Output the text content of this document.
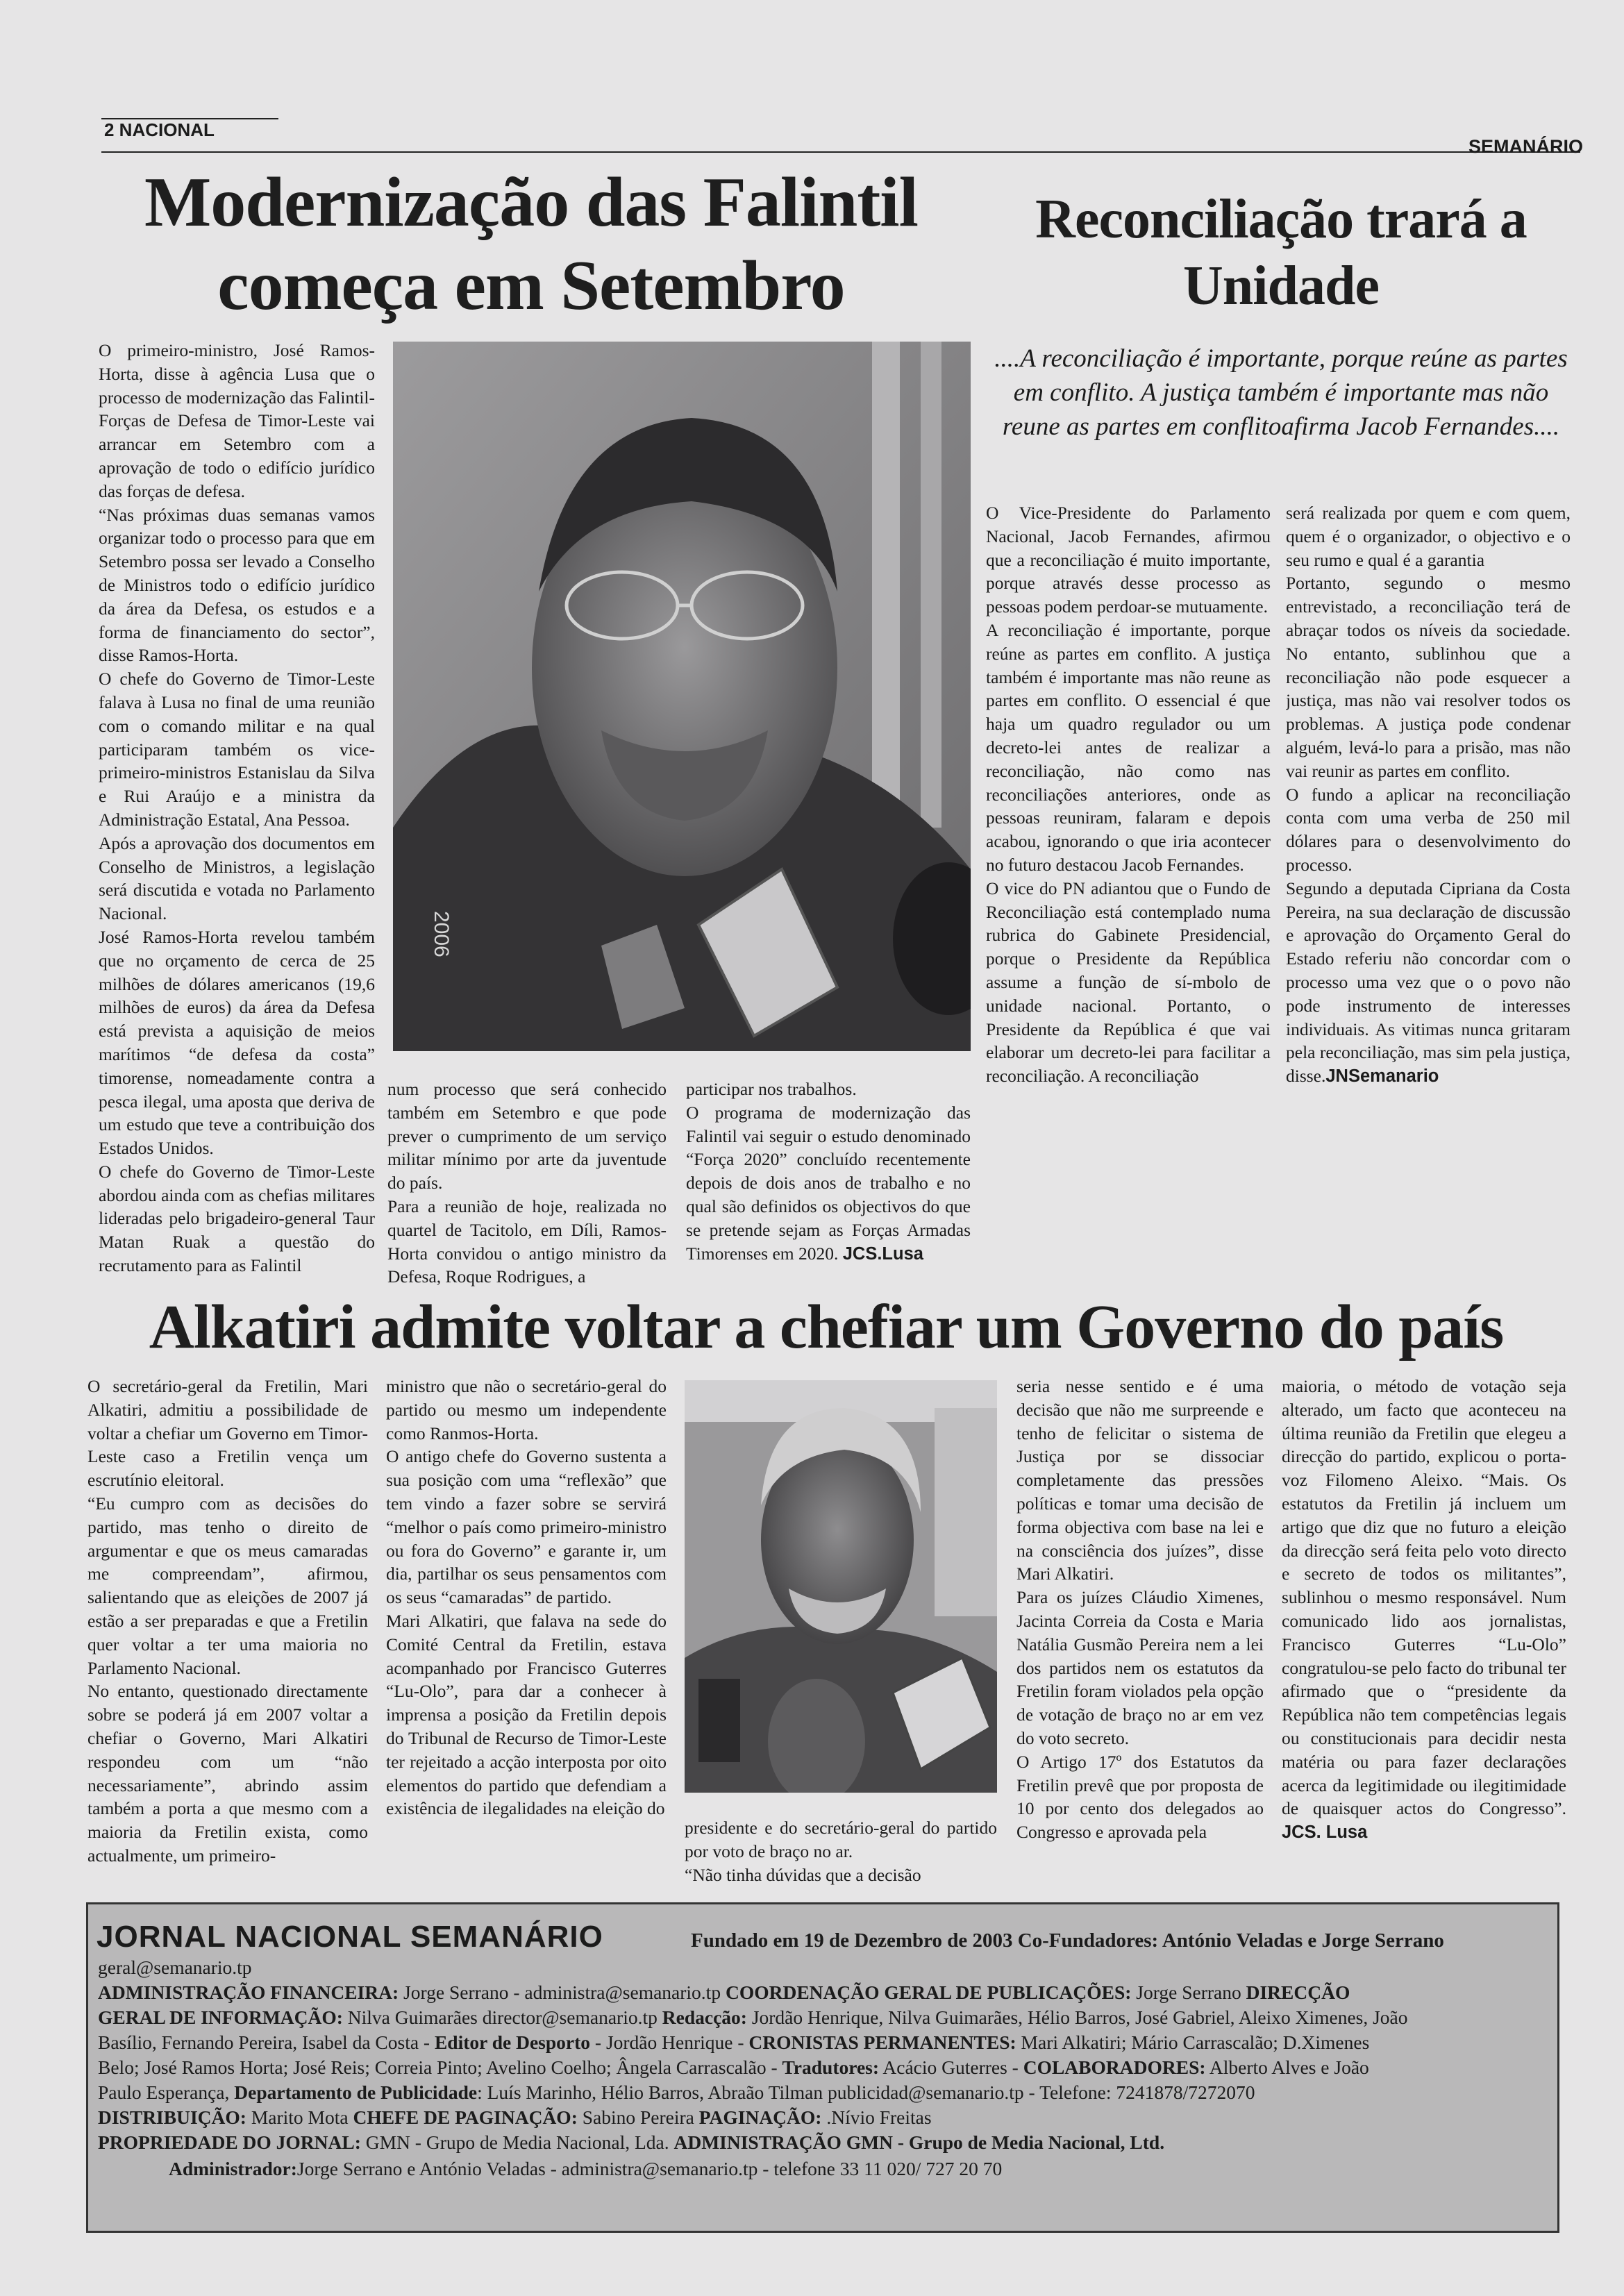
2 NACIONAL
SEMANÁRIO
Modernização das Falintil
começa em Setembro

O primeiro-ministro, José Ramos-Horta, disse à agência Lusa que o processo de modernização das Falintil-Forças de Defesa de Timor-Leste vai arrancar em Setembro com a aprovação de todo o edifício jurídico das forças de defesa.

“Nas próximas duas semanas vamos organizar todo o processo para que em Setembro possa ser levado a Conselho de Ministros todo o edifício jurídico da área da Defesa, os estudos e a forma de financiamento do sector”, disse Ramos-Horta.

O chefe do Governo de Timor-Leste falava à Lusa no final de uma reunião com o comando militar e na qual participaram também os vice-primeiro-ministros Estanislau da Silva e Rui Araújo e a ministra da Administração Estatal, Ana Pessoa.

Após a aprovação dos documentos em Conselho de Ministros, a legislação será discutida e votada no Parlamento Nacional.

José Ramos-Horta revelou também que no orçamento de cerca de 25 milhões de dólares americanos (19,6 milhões de euros) da área da Defesa está prevista a aquisição de meios marítimos “de defesa da costa” timorense, nomeadamente contra a pesca ilegal, uma aposta que deriva de um estudo que teve a contribuição dos Estados Unidos.

O chefe do Governo de Timor-Leste abordou ainda com as chefias militares lideradas pelo brigadeiro-general Taur Matan Ruak a questão do recrutamento para as Falintil

2006

num processo que será conhecido também em Setembro e que pode prever o cumprimento de um serviço militar mínimo por arte da juventude do país.

Para a reunião de hoje, realizada no quartel de Tacitolo, em Díli, Ramos-Horta convidou o antigo ministro da Defesa, Roque Rodrigues, a

participar nos trabalhos.

O programa de modernização das Falintil vai seguir o estudo denominado “Força 2020” concluído recentemente depois de dois anos de trabalho e no qual são definidos os objectivos do que se pretende sejam as Forças Armadas Timorenses em 2020. JCS.Lusa

Reconciliação trará a
Unidade
....A reconciliação é importante, porque reúne as partes em conflito. A justiça também é importante mas não reune as partes em conflitoafirma Jacob Fernandes....

O Vice-Presidente do Parlamento Nacional, Jacob Fernandes, afirmou que a reconciliação é muito importante, porque através desse processo as pessoas podem perdoar-se mutuamente.

A reconciliação é importante, porque reúne as partes em conflito. A justiça também é importante mas não reune as partes em conflito. O essencial é que haja um quadro regulador ou um decreto-lei antes de realizar a reconciliação, não como nas reconciliações anteriores, onde as pessoas reuniram, falaram e depois acabou, ignorando o que iria acontecer no futuro destacou Jacob Fernandes.

O vice do PN adiantou que o Fundo de Reconciliação está contemplado numa rubrica do Gabinete Presidencial, porque o Presidente da República assume a função de sí-mbolo de unidade nacional. Portanto, o Presidente da República é que vai elaborar um decreto-lei para facilitar a reconciliação. A reconciliação

será realizada por quem e com quem, quem é o organizador, o objectivo e o seu rumo e qual é a garantia

Portanto, segundo o mesmo entrevistado, a reconciliação terá de abraçar todos os níveis da sociedade. No entanto, sublinhou que a reconciliação não pode esquecer a justiça, mas não vai resolver todos os problemas. A justiça pode condenar alguém, levá-lo para a prisão, mas não vai reunir as partes em conflito.

O fundo a aplicar na reconciliação conta com uma verba de 250 mil dólares para o desenvolvimento do processo.

Segundo a deputada Cipriana da Costa Pereira, na sua declaração de discussão e aprovação do Orçamento Geral do Estado referiu não concordar com o processo uma vez que o o povo não pode instrumento de interesses individuais. As vitimas nunca gritaram pela reconciliação, mas sim pela justiça, disse.JNSemanario

Alkatiri admite voltar a chefiar um Governo do país

O secretário-geral da Fretilin, Mari Alkatiri, admitiu a possibilidade de voltar a chefiar um Governo em Timor-Leste caso a Fretilin vença um escrutínio eleitoral.

“Eu cumpro com as decisões do partido, mas tenho o direito de argumentar e que os meus camaradas me compreendam”, afirmou, salientando que as eleições de 2007 já estão a ser preparadas e que a Fretilin quer voltar a ter uma maioria no Parlamento Nacional.

No entanto, questionado directamente sobre se poderá já em 2007 voltar a chefiar o Governo, Mari Alkatiri respondeu com um “não necessariamente”, abrindo assim também a porta a que mesmo com a maioria da Fretilin exista, como actualmente, um primeiro-

ministro que não o secretário-geral do partido ou mesmo um independente como Ranmos-Horta.

O antigo chefe do Governo sustenta a sua posição com uma “reflexão” que tem vindo a fazer sobre se servirá “melhor o país como primeiro-ministro ou fora do Governo” e garante ir, um dia, partilhar os seus pensamentos com os seus “camaradas” de partido.

Mari Alkatiri, que falava na sede do Comité Central da Fretilin, estava acompanhado por Francisco Guterres “Lu-Olo”, para dar a conhecer à imprensa a posição da Fretilin depois do Tribunal de Recurso de Timor-Leste ter rejeitado a acção interposta por oito elementos do partido que defendiam a existência de ilegalidades na eleição do

presidente e do secretário-geral do partido por voto de braço no ar.

“Não tinha dúvidas que a decisão

seria nesse sentido e é uma decisão que não me surpreende e tenho de felicitar o sistema de Justiça por se dissociar completamente das pressões políticas e tomar uma decisão de forma objectiva com base na lei e na consciência dos juízes”, disse Mari Alkatiri.

Para os juízes Cláudio Ximenes, Jacinta Correia da Costa e Maria Natália Gusmão Pereira nem a lei dos partidos nem os estatutos da Fretilin foram violados pela opção de votação de braço no ar em vez do voto secreto.

O Artigo 17º dos Estatutos da Fretilin prevê que por proposta de 10 por cento dos delegados ao Congresso e aprovada pela

maioria, o método de votação seja alterado, um facto que aconteceu na última reunião da Fretilin que elegeu a direcção do partido, explicou o porta-voz Filomeno Aleixo. “Mais. Os estatutos da Fretilin já incluem um artigo que diz que no futuro a eleição da direcção será feita pelo voto directo e secreto de todos os militantes”, sublinhou o mesmo responsável. Num comunicado lido aos jornalistas, Francisco Guterres “Lu-Olo” congratulou-se pelo facto do tribunal ter afirmado que o “presidente da República não tem competências legais ou constitucionais para decidir nesta matéria ou para fazer declarações acerca da legitimidade ou ilegitimidade de quaisquer actos do Congresso”. JCS. Lusa

JORNAL NACIONAL SEMANÁRIO	Fundado em 19 de Dezembro de 2003 Co-Fundadores: António Veladas e Jorge Serrano
geral@semanario.tp
ADMINISTRAÇÃO FINANCEIRA: Jorge Serrano - administra@semanario.tp COORDENAÇÃO GERAL DE PUBLICAÇÕES: Jorge Serrano DIRECÇÃO
GERAL DE INFORMAÇÃO: Nilva Guimarães director@semanario.tp Redacção: Jordão Henrique, Nilva Guimarães, Hélio Barros, José Gabriel, Aleixo Ximenes, João
Basílio, Fernando Pereira, Isabel da Costa - Editor de Desporto - Jordão Henrique - CRONISTAS PERMANENTES: Mari Alkatiri; Mário Carrascalão; D.Ximenes
Belo; José Ramos Horta; José Reis; Correia Pinto; Avelino Coelho; Ângela Carrascalão - Tradutores: Acácio Guterres - COLABORADORES: Alberto Alves e João
Paulo Esperança, Departamento de Publicidade: Luís Marinho, Hélio Barros, Abraão Tilman publicidad@semanario.tp - Telefone: 7241878/7272070
DISTRIBUIÇÃO: Marito Mota CHEFE DE PAGINAÇÃO: Sabino Pereira PAGINAÇÃO: .Nívio Freitas
PROPRIEDADE DO JORNAL: GMN - Grupo de Media Nacional, Lda. ADMINISTRAÇÃO GMN - Grupo de Media Nacional, Ltd.
Administrador:Jorge Serrano e António Veladas - administra@semanario.tp - telefone 33 11 020/ 727 20 70
